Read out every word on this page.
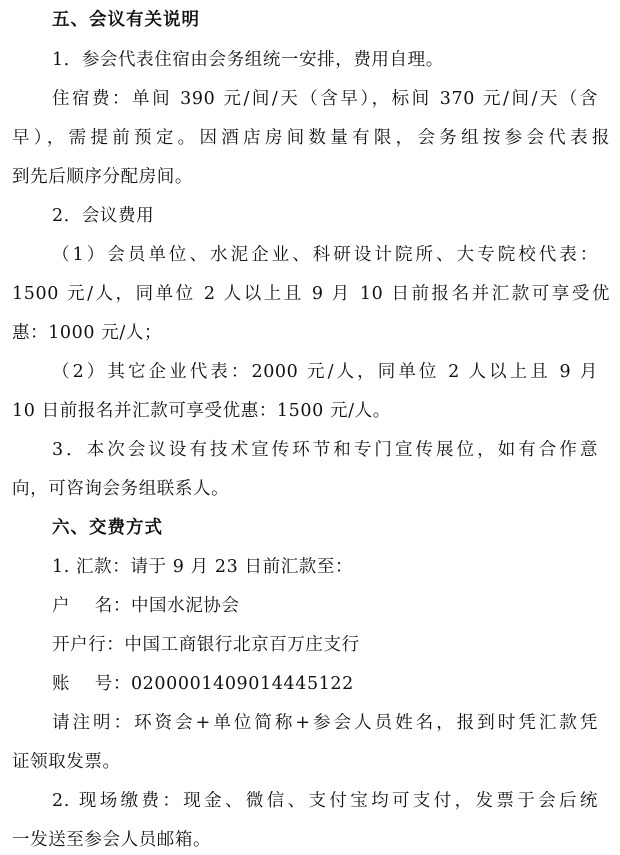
五、会议有关说明
1．参会代表住宿由会务组统一安排，费用自理。
住宿费：单间 390 元/间/天（含早），标间 370 元/间/天（含
早），需提前预定。因酒店房间数量有限，会务组按参会代表报
到先后顺序分配房间。
2．会议费用
（1）会员单位、水泥企业、科研设计院所、大专院校代表：
1500 元/人，同单位 2 人以上且 9 月 10 日前报名并汇款可享受优
惠：1000 元/人；
（2）其它企业代表：2000 元/人，同单位 2 人以上且 9 月
10 日前报名并汇款可享受优惠：1500 元/人。
3．本次会议设有技术宣传环节和专门宣传展位，如有合作意
向，可咨询会务组联系人。
六、交费方式
1. 汇款：请于 9 月 23 日前汇款至：
户    名：中国水泥协会
开户行：中国工商银行北京百万庄支行
账    号：0200001409014445122
请注明：环资会+单位简称+参会人员姓名，报到时凭汇款凭
证领取发票。
2. 现场缴费：现金、微信、支付宝均可支付，发票于会后统
一发送至参会人员邮箱。
